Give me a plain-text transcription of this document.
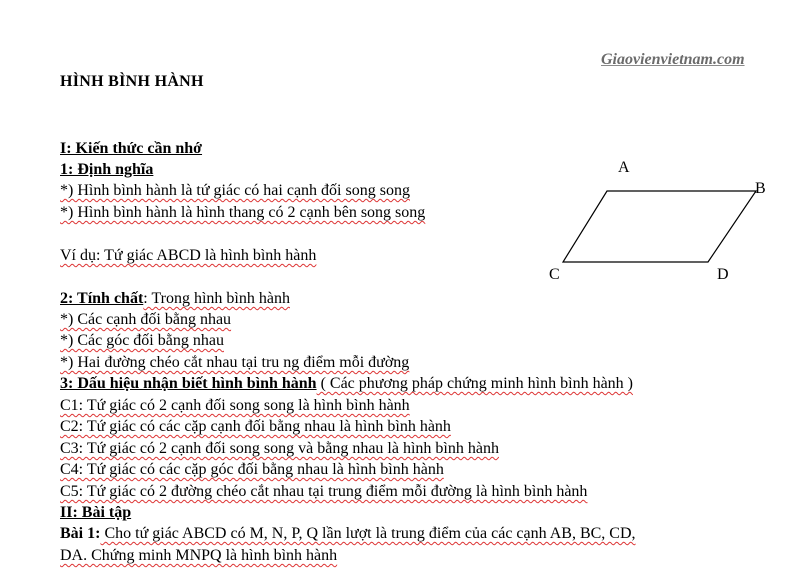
Giaovienvietnam.com
HÌNH BÌNH HÀNH
I: Kiến thức cần nhớ
1: Định nghĩa
*) Hình bình hành là tứ giác có hai cạnh đối song song
*) Hình bình hành là hình thang có 2 cạnh bên song song
Ví dụ: Tứ giác ABCD là hình bình hành
2: Tính chất: Trong hình bình hành
*) Các cạnh đối bằng nhau
*) Các góc đối bằng nhau
*) Hai đường chéo cắt nhau tại tru ng điểm mỗi đường
3: Dấu hiệu nhận biết hình bình hành ( Các phương pháp chứng minh hình bình hành )
C1: Tứ giác có 2 cạnh đối song song là hình bình hành
C2: Tứ giác có các cặp cạnh đối bằng nhau là hình bình hành
C3: Tứ giác có 2 cạnh đối song song và bằng nhau là hình bình hành
C4: Tứ giác có các cặp góc đối bằng nhau là hình bình hành
C5: Tứ giác có 2 đường chéo cắt nhau tại trung điểm mỗi đường là hình bình hành
II: Bài tập
Bài 1: Cho tứ giác ABCD có M, N, P, Q lần lượt là trung điểm của các cạnh AB, BC, CD,
DA. Chứng minh MNPQ là hình bình hành
A
B
C	D
